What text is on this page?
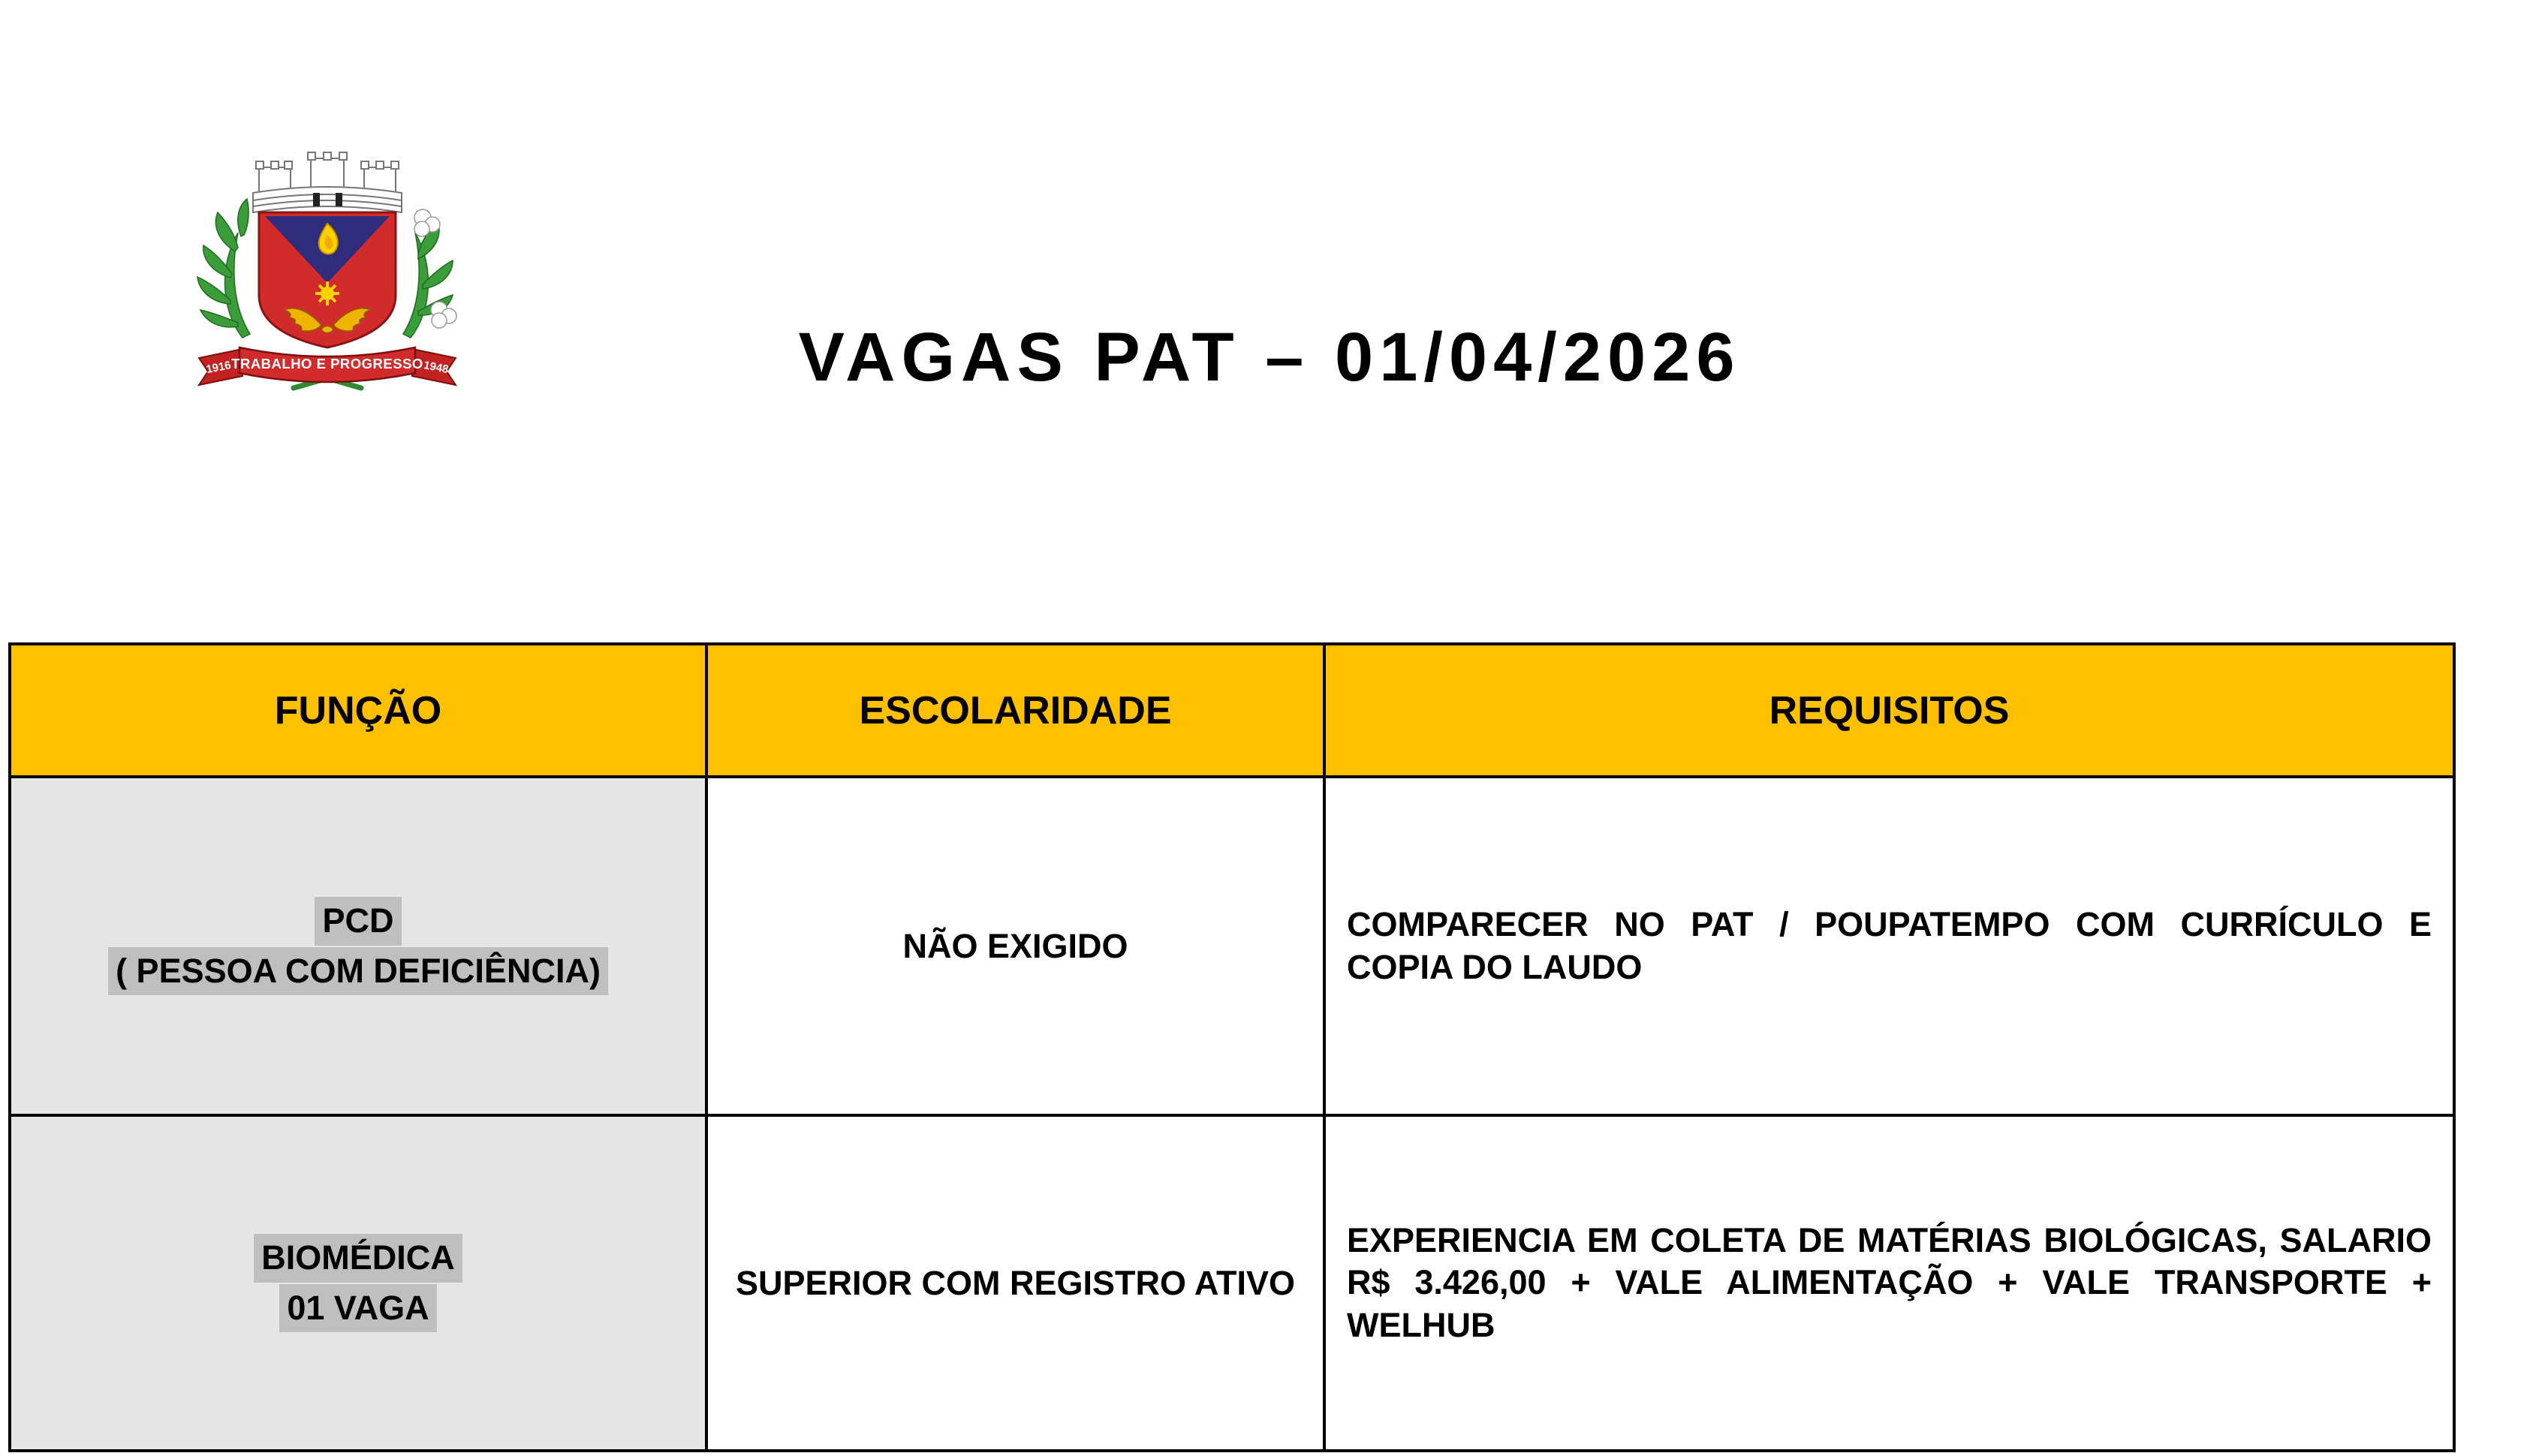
TRABALHO E PROGRESSO
1916	1948	VAGAS PAT – 01/04/2026
FUNÇÃO	ESCOLARIDADE	REQUISITOS

PCD
( PESSOA COM DEFICIÊNCIA)	NÃO EXIGIDO	COMPARECER NO PAT / POUPATEMPO COM CURRÍCULO E COPIA DO LAUDO

BIOMÉDICA
01 VAGA	SUPERIOR COM REGISTRO ATIVO	EXPERIENCIA EM COLETA DE MATÉRIAS BIOLÓGICAS, SALARIO R$ 3.426,00 + VALE ALIMENTAÇÃO + VALE TRANSPORTE + WELHUB
